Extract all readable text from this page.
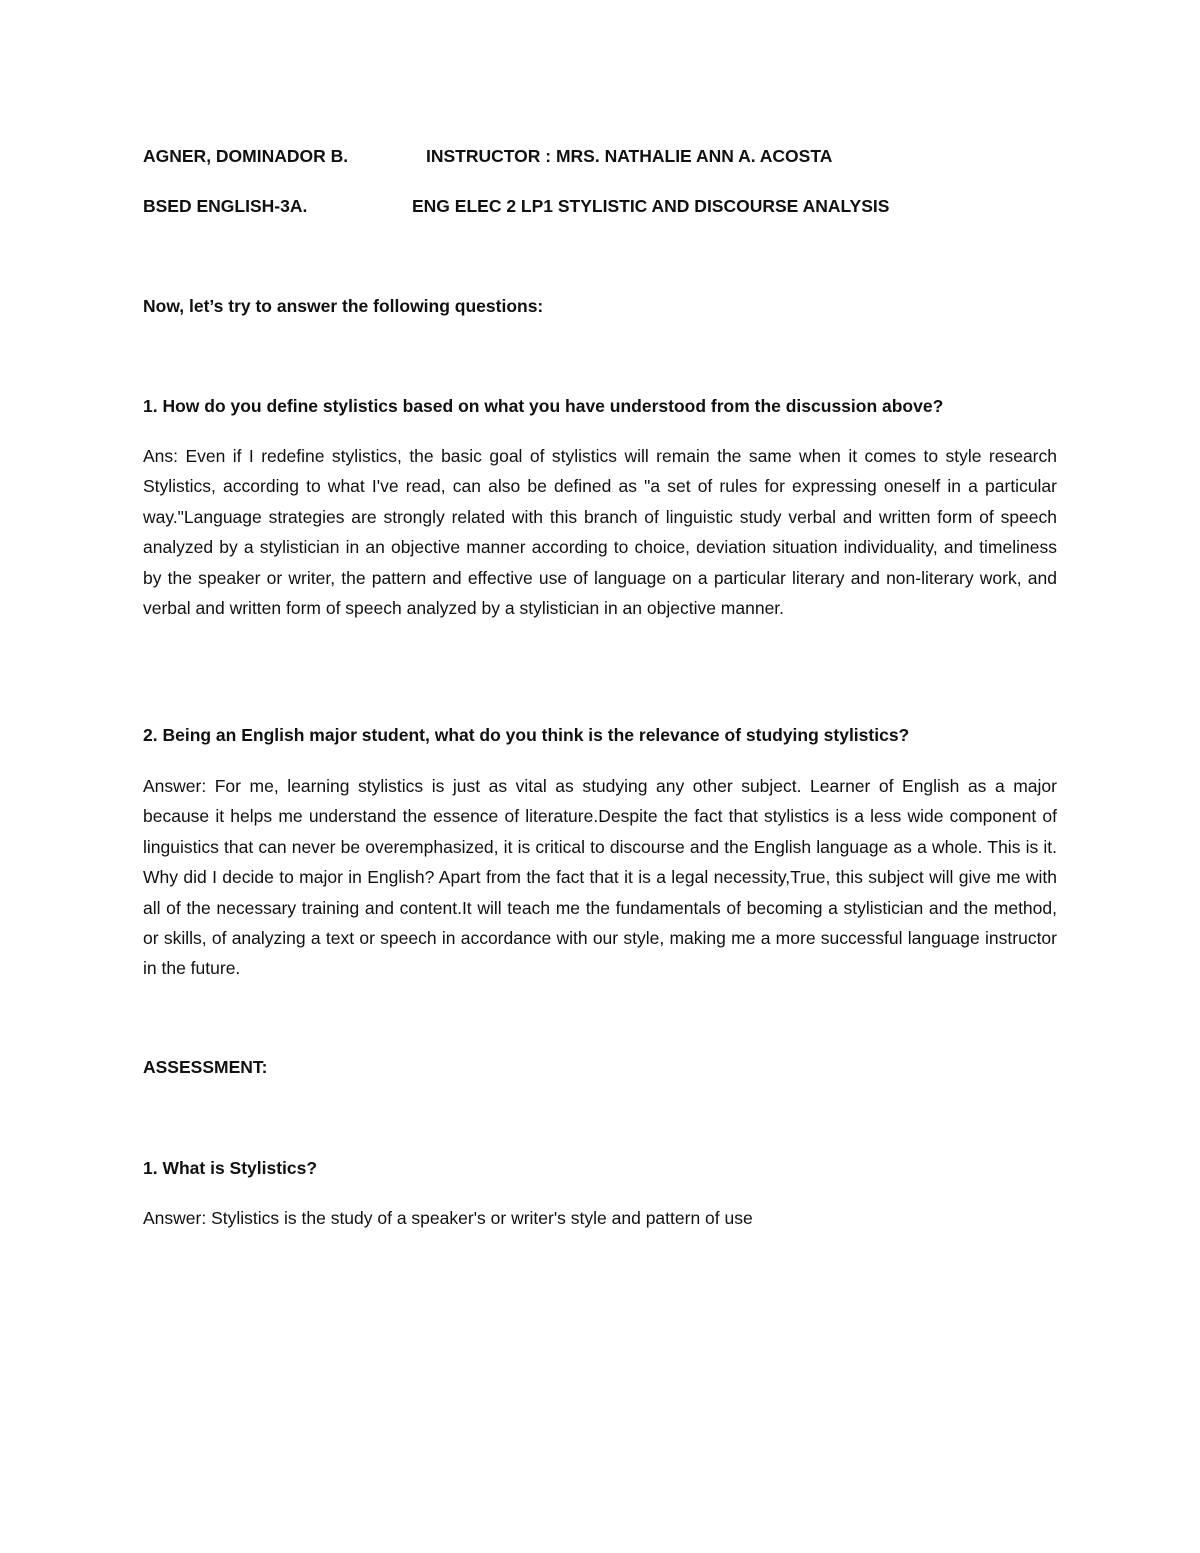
AGNER, DOMINADOR B.	INSTRUCTOR : MRS. NATHALIE ANN A. ACOSTA

BSED ENGLISH-3A.	ENG ELEC 2 LP1 STYLISTIC AND DISCOURSE ANALYSIS

Now, let’s try to answer the following questions:

1. How do you define stylistics based on what you have understood from the discussion above?

Ans: Even if I redefine stylistics, the basic goal of stylistics will remain the same when it comes to style research Stylistics, according to what I've read, can also be defined as "a set of rules for expressing oneself in a particular way."Language strategies are strongly related with this branch of linguistic study verbal and written form of speech analyzed by a stylistician in an objective manner according to choice, deviation situation individuality, and timeliness by the speaker or writer, the pattern and effective use of language on a particular literary and non-literary work, and verbal and written form of speech analyzed by a stylistician in an objective manner.

2. Being an English major student, what do you think is the relevance of studying stylistics?

Answer: For me, learning stylistics is just as vital as studying any other subject. Learner of English as a major because it helps me understand the essence of literature.Despite the fact that stylistics is a less wide component of linguistics that can never be overemphasized, it is critical to discourse and the English language as a whole. This is it. Why did I decide to major in English? Apart from the fact that it is a legal necessity,True, this subject will give me with all of the necessary training and content.It will teach me the fundamentals of becoming a stylistician and the method, or skills, of analyzing a text or speech in accordance with our style, making me a more successful language instructor in the future.

ASSESSMENT:

1. What is Stylistics?

Answer: Stylistics is the study of a speaker's or writer's style and pattern of use
